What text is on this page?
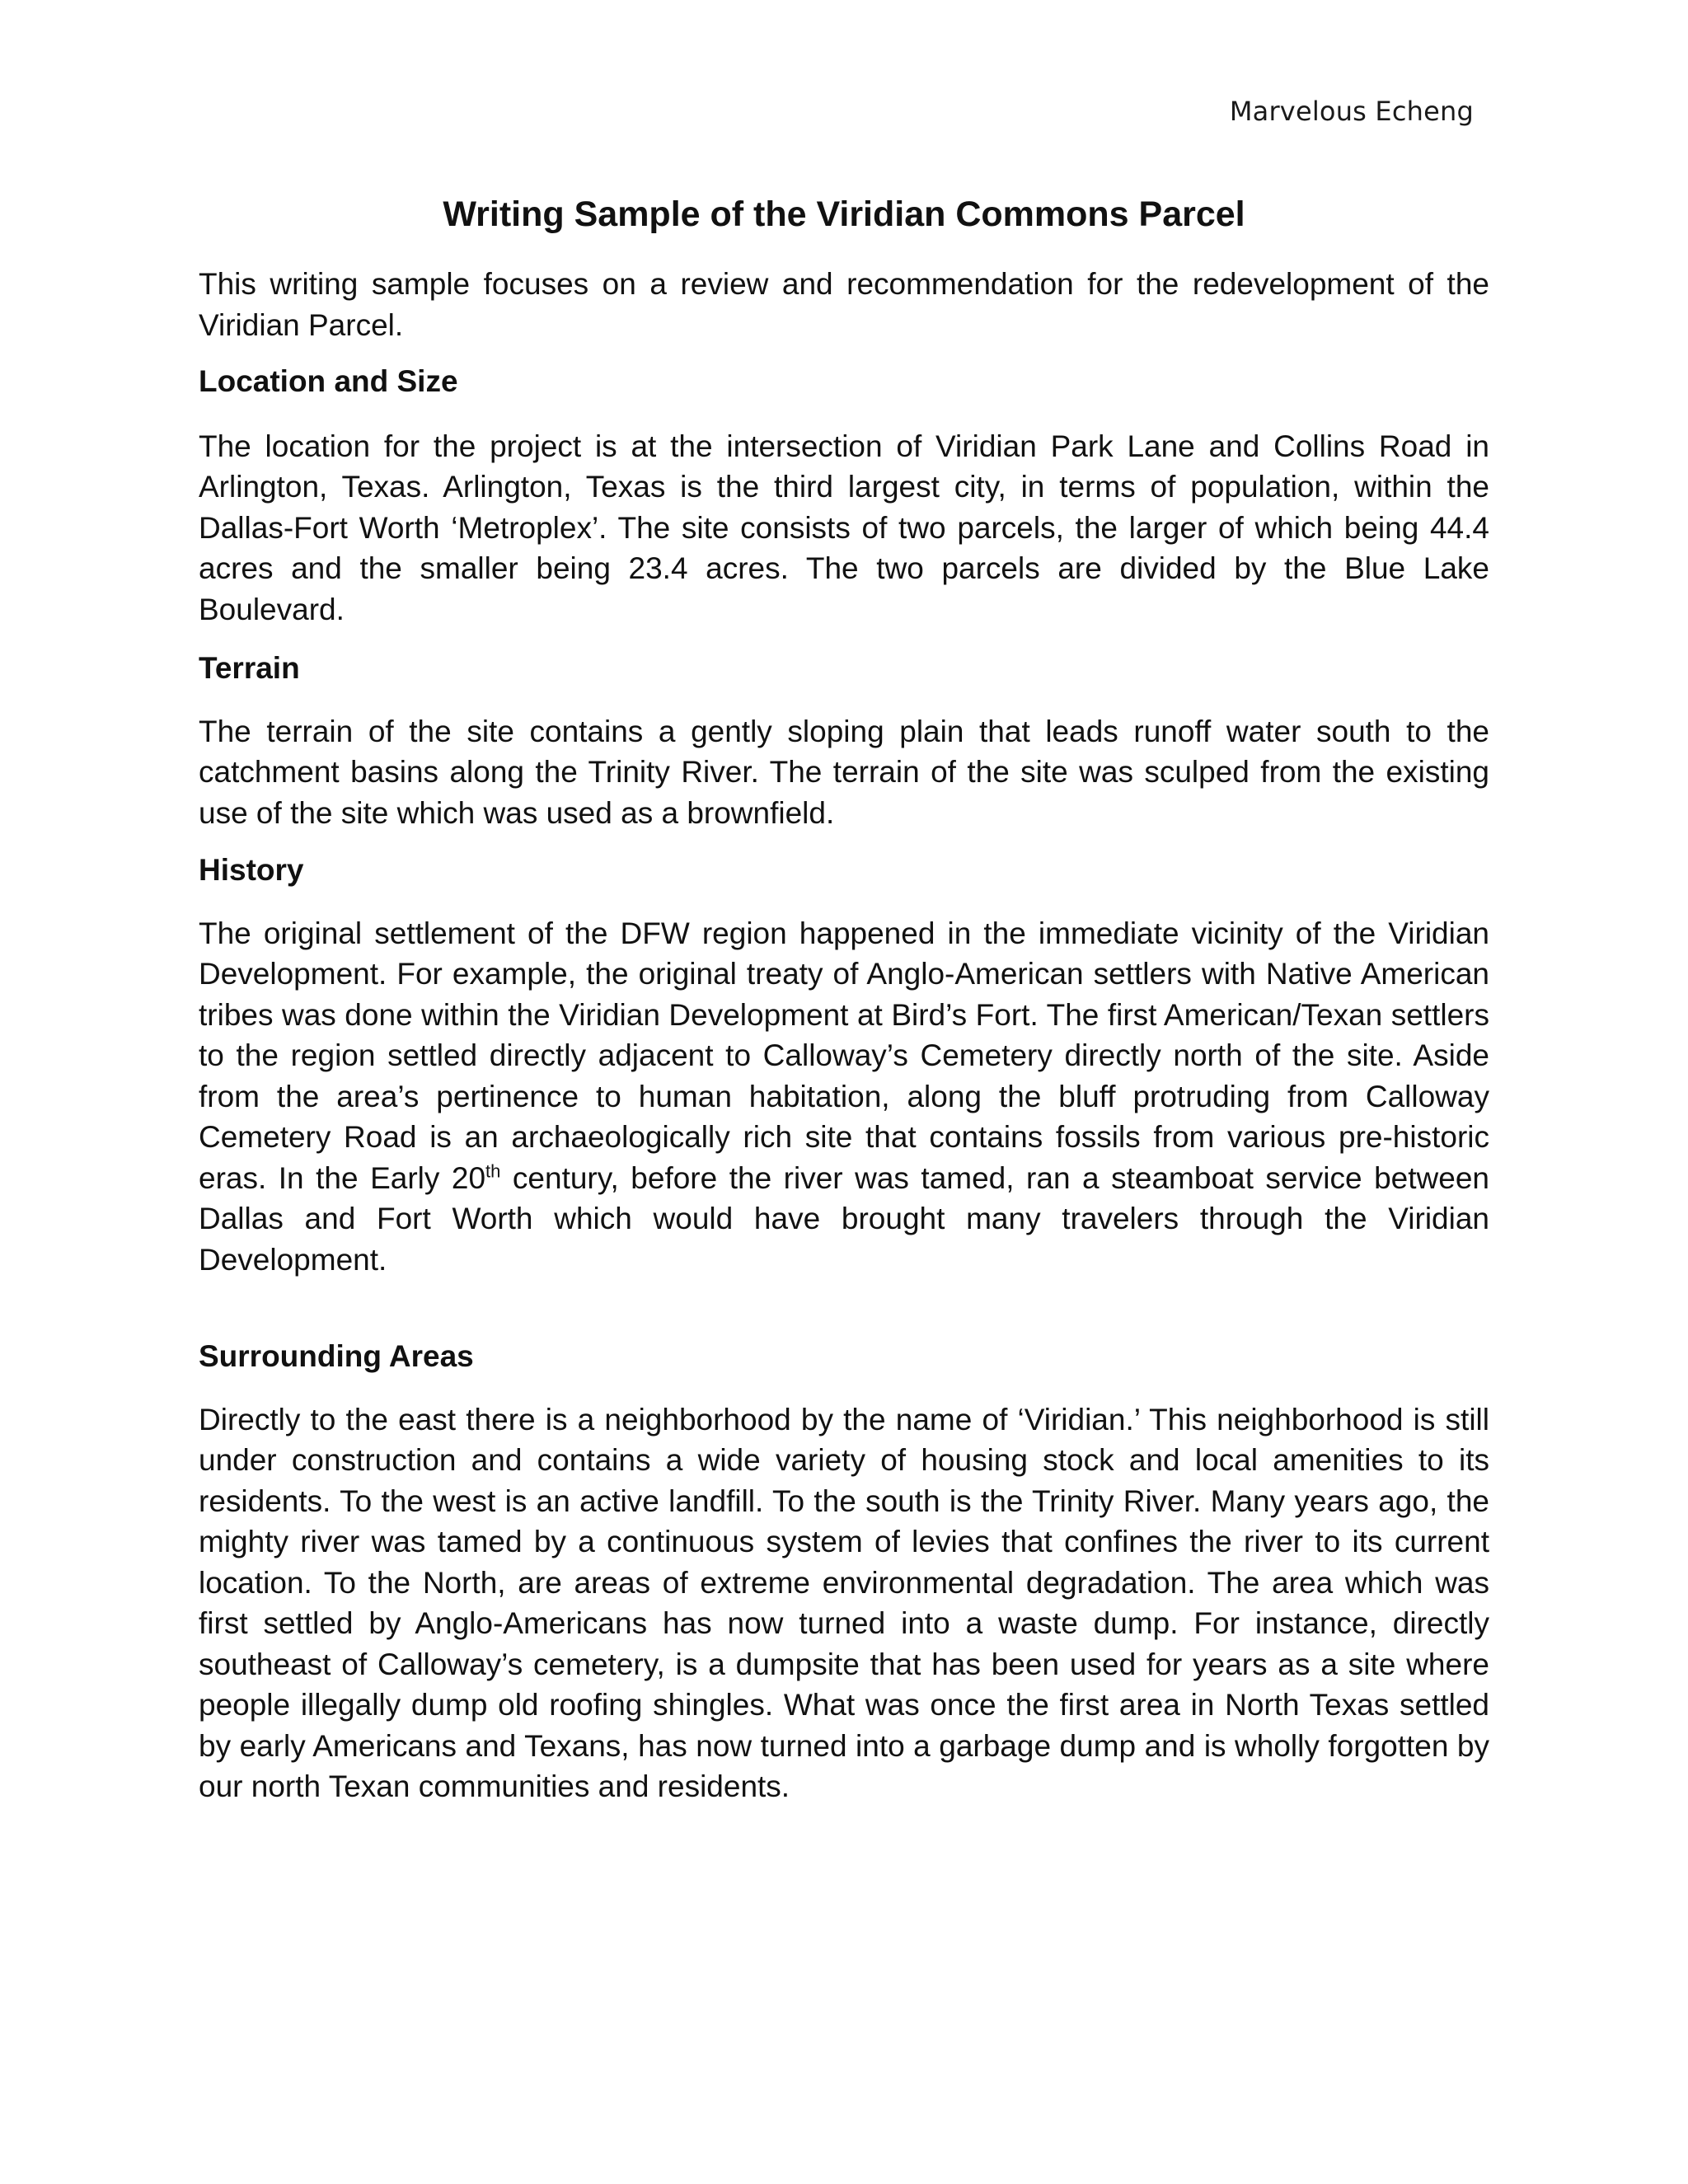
Marvelous Echeng
Writing Sample of the Viridian Commons Parcel

This writing sample focuses on a review and recommendation for the redevelopment of the Viridian Parcel.

Location and Size

The location for the project is at the intersection of Viridian Park Lane and Collins Road in Arlington, Texas. Arlington, Texas is the third largest city, in terms of population, within the Dallas-Fort Worth ‘Metroplex’. The site consists of two parcels, the larger of which being 44.4 acres and the smaller being 23.4 acres. The two parcels are divided by the Blue Lake Boulevard.

Terrain

The terrain of the site contains a gently sloping plain that leads runoff water south to the catchment basins along the Trinity River. The terrain of the site was sculped from the existing use of the site which was used as a brownfield.

History

The original settlement of the DFW region happened in the immediate vicinity of the Viridian Development. For example, the original treaty of Anglo-American settlers with Native American tribes was done within the Viridian Development at Bird’s Fort. The first American/Texan settlers to the region settled directly adjacent to Calloway’s Cemetery directly north of the site. Aside from the area’s pertinence to human habitation, along the bluff protruding from Calloway Cemetery Road is an archaeologically rich site that contains fossils from various pre-historic eras. In the Early 20th century, before the river was tamed, ran a steamboat service between Dallas and Fort Worth which would have brought many travelers through the Viridian Development.

Surrounding Areas

Directly to the east there is a neighborhood by the name of ‘Viridian.’ This neighborhood is still under construction and contains a wide variety of housing stock and local amenities to its residents. To the west is an active landfill. To the south is the Trinity River. Many years ago, the mighty river was tamed by a continuous system of levies that confines the river to its current location. To the North, are areas of extreme environmental degradation. The area which was first settled by Anglo-Americans has now turned into a waste dump. For instance, directly southeast of Calloway’s cemetery, is a dumpsite that has been used for years as a site where people illegally dump old roofing shingles. What was once the first area in North Texas settled by early Americans and Texans, has now turned into a garbage dump and is wholly forgotten by our north Texan communities and residents.
